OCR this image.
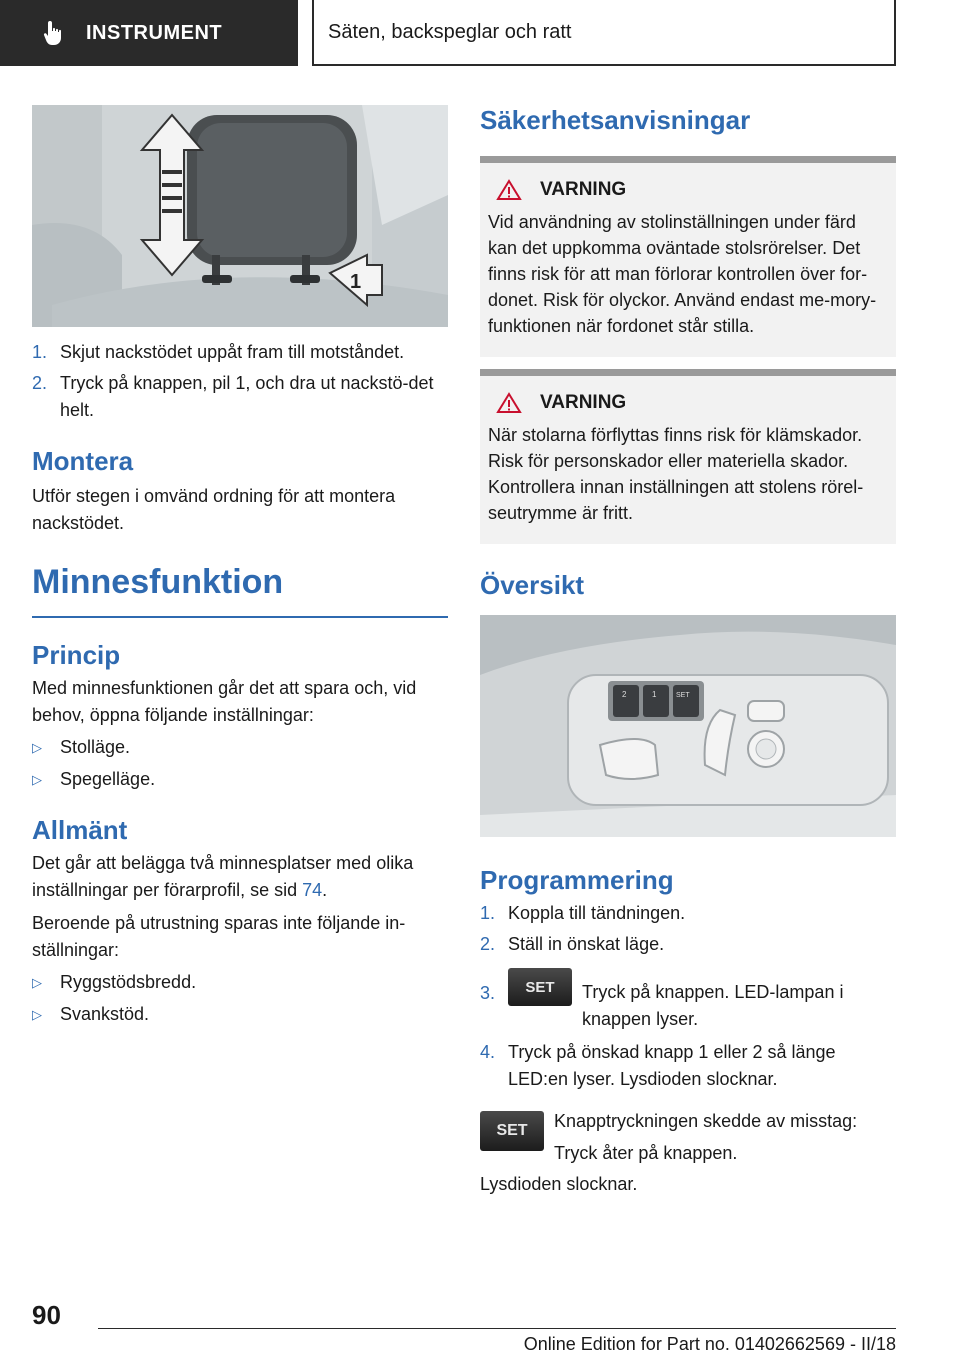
INSTRUMENT	Säten, backspeglar och ratt
1
1. Skjut nackstödet uppåt fram till motståndet.
2. Tryck på knappen, pil 1, och dra ut nackstö-det helt.
Montera

Utför stegen i omvänd ordning för att montera nackstödet.

Minnesfunktion
Princip

Med minnesfunktionen går det att spara och, vid behov, öppna följande inställningar:

▷	Stolläge.
▷	Spegelläge.
Allmänt

Det går att belägga två minnesplatser med olika inställningar per förarprofil, se sid 74.

Beroende på utrustning sparas inte följande in-ställningar:

▷	Ryggstödsbredd.
▷	Svankstöd.
Säkerhetsanvisningar
VARNING

Vid användning av stolinställningen under färd kan det uppkomma oväntade stolsrörelser. Det finns risk för att man förlorar kontrollen över for-donet. Risk för olyckor. Använd endast me-mory-funktionen när fordonet står stilla.

VARNING

När stolarna förflyttas finns risk för klämskador. Risk för personskador eller materiella skador. Kontrollera innan inställningen att stolens rörel-seutrymme är fritt.

Översikt
2	1	SET
Programmering
1. Koppla till tändningen.
2. Ställ in önskat läge.
3.	SET	Tryck på knappen. LED-lampan i knappen lyser.
4. Tryck på önskad knapp 1 eller 2 så länge LED:en lyser. Lysdioden slocknar.
SET	Knapptryckningen skedde av misstag:

Tryck åter på knappen.

Lysdioden slocknar.

90
Online Edition for Part no. 01402662569 - II/18
